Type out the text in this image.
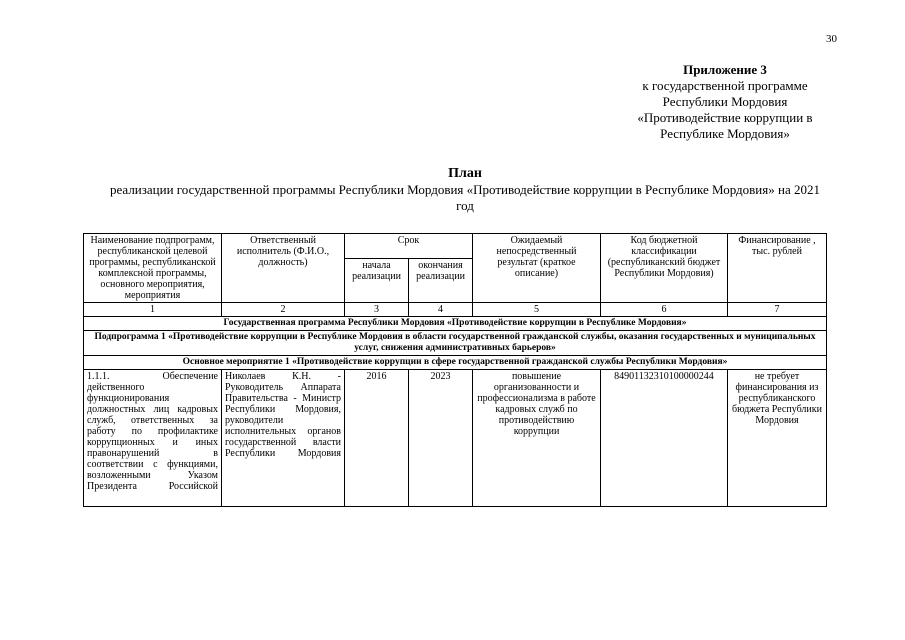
30
Приложение 3
к государственной программе
Республики Мордовия
«Противодействие коррупции в
Республике Мордовия»
План
реализации государственной программы Республики Мордовия «Противодействие коррупции в Республике Мордовия» на 2021 год
Наименование подпрограмм, республиканской целевой программы, республиканской комплексной программы, основного мероприятия, мероприятия	Ответственный исполнитель (Ф.И.О., должность)	Срок		Ожидаемый непосредственный результат (краткое описание)	Код бюджетной классификации (республиканский бюджет Республики Мордовия)	Финансирование , тыс. рублей
		начала реализации	окончания реализации			
1	2	3	4	5	6	7
Государственная программа Республики Мордовия «Противодействие коррупции в Республике Мордовия»						
Подпрограмма 1 «Противодействие коррупции в Республике Мордовия в области государственной гражданской службы, оказания государственных и муниципальных услуг, снижения административных барьеров»						
Основное мероприятие 1 «Противодействие коррупции в сфере государственной гражданской службы Республики Мордовия»						
1.1.1. Обеспечение действенного функционирования должностных лиц кадровых служб, ответственных за работу по профилактике коррупционных и иных правонарушений в соответствии с функциями, возложенными Указом Президента Российской	Николаев К.Н. - Руководитель Аппарата Правительства - Министр Республики Мордовия, руководители исполнительных органов государственной власти Республики Мордовия	2016	2023	повышение организованности и профессионализма в работе кадровых служб по противодействию коррупции	84901132310100000244	не требует финансирования из республиканского бюджета Республики Мордовия
